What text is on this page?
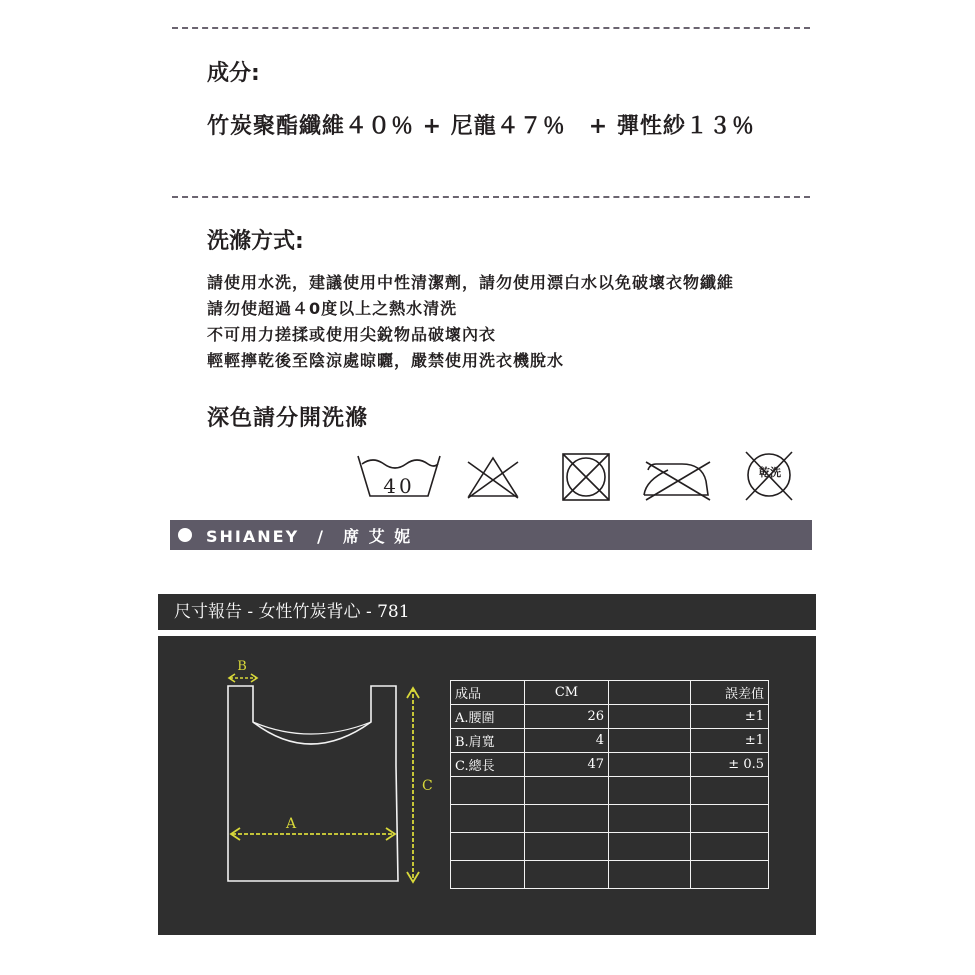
成分:
竹炭聚酯纖維４０％ + 尼龍４７％　+ 彈性紗１３％
洗滌方式:
請使用水洗，建議使用中性清潔劑，請勿使用漂白水以免破壞衣物纖維
請勿使超過４0度以上之熱水清洗
不可用力搓揉或使用尖銳物品破壞內衣
輕輕擰乾後至陰涼處晾曬，嚴禁使用洗衣機脫水
深色請分開洗滌
40
乾洗
SHIANEY　/　席 艾 妮
尺寸報告 - 女性竹炭背心 - 781
B
A
C
成品	CM		誤差值
A.腰圍	26		±1
B.肩寬	4		±1
C.總長	47		± 0.5
